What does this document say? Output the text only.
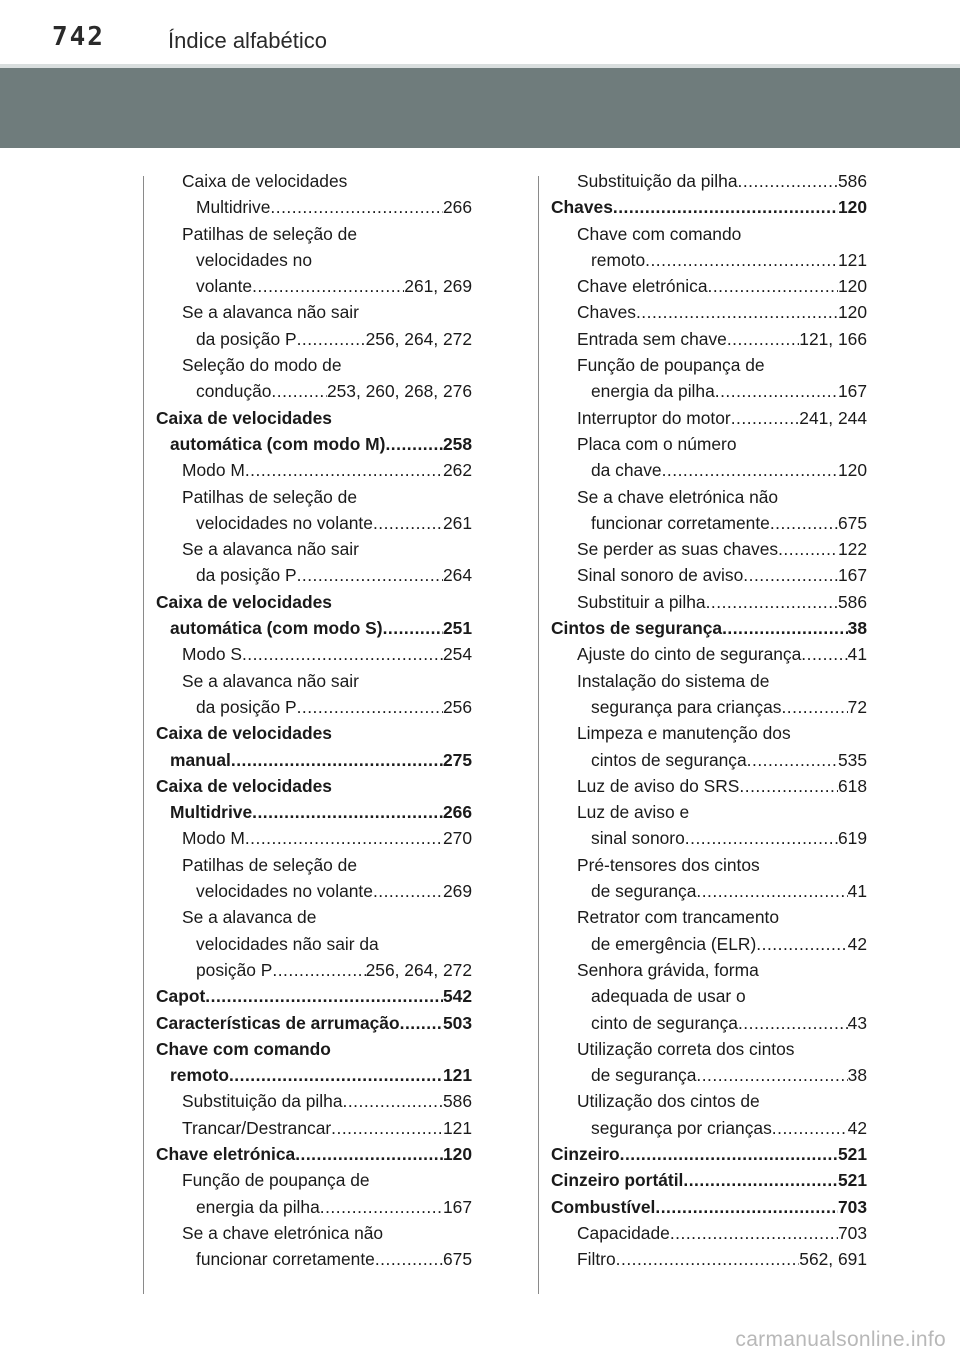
742	Índice alfabético
Caixa de velocidades
Multidrive .....	266
Patilhas de seleção de
velocidades no
volante .....	261, 269
Se a alavanca não sair
da posição P .....	256, 264, 272
Seleção do modo de
condução .....	253, 260, 268, 276
Caixa de velocidades
automática (com modo M) .....	258
Modo M .....	262
Patilhas de seleção de
velocidades no volante .....	261
Se a alavanca não sair
da posição P .....	264
Caixa de velocidades
automática (com modo S) .....	251
Modo S .....	254
Se a alavanca não sair
da posição P .....	256
Caixa de velocidades
manual .....	275
Caixa de velocidades
Multidrive .....	266
Modo M .....	270
Patilhas de seleção de
velocidades no volante .....	269
Se a alavanca de
velocidades não sair da
posição P .....	256, 264, 272
Capot .....	542
Características de arrumação ..... 503
Chave com comando
remoto .....	121
Substituição da pilha .....	586
Trancar/Destrancar .....	121
Chave eletrónica .....	120
Função de poupança de
energia da pilha .....	167
Se a chave eletrónica não
funcionar corretamente .....	675
Substituição da pilha .....	586
Chaves .....	120
Chave com comando
remoto .....	121
Chave eletrónica .....	120
Chaves .....	120
Entrada sem chave .....	121, 166
Função de poupança de
energia da pilha .....	167
Interruptor do motor .....	241, 244
Placa com o número
da chave .....	120
Se a chave eletrónica não
funcionar corretamente .....	675
Se perder as suas chaves .....	122
Sinal sonoro de aviso .....	167
Substituir a pilha .....	586
Cintos de segurança .....	38
Ajuste do cinto de segurança .....	41
Instalação do sistema de
segurança para crianças .....	72
Limpeza e manutenção dos
cintos de segurança .....	535
Luz de aviso do SRS .....	618
Luz de aviso e
sinal sonoro .....	619
Pré-tensores dos cintos
de segurança .....	41
Retrator com trancamento
de emergência (ELR) .....	42
Senhora grávida, forma
adequada de usar o
cinto de segurança .....	43
Utilização correta dos cintos
de segurança .....	38
Utilização dos cintos de
segurança por crianças .....	42
Cinzeiro .....	521
Cinzeiro portátil .....	521
Combustível .....	703
Capacidade .....	703
Filtro .....	562, 691
carmanualsonline.info
